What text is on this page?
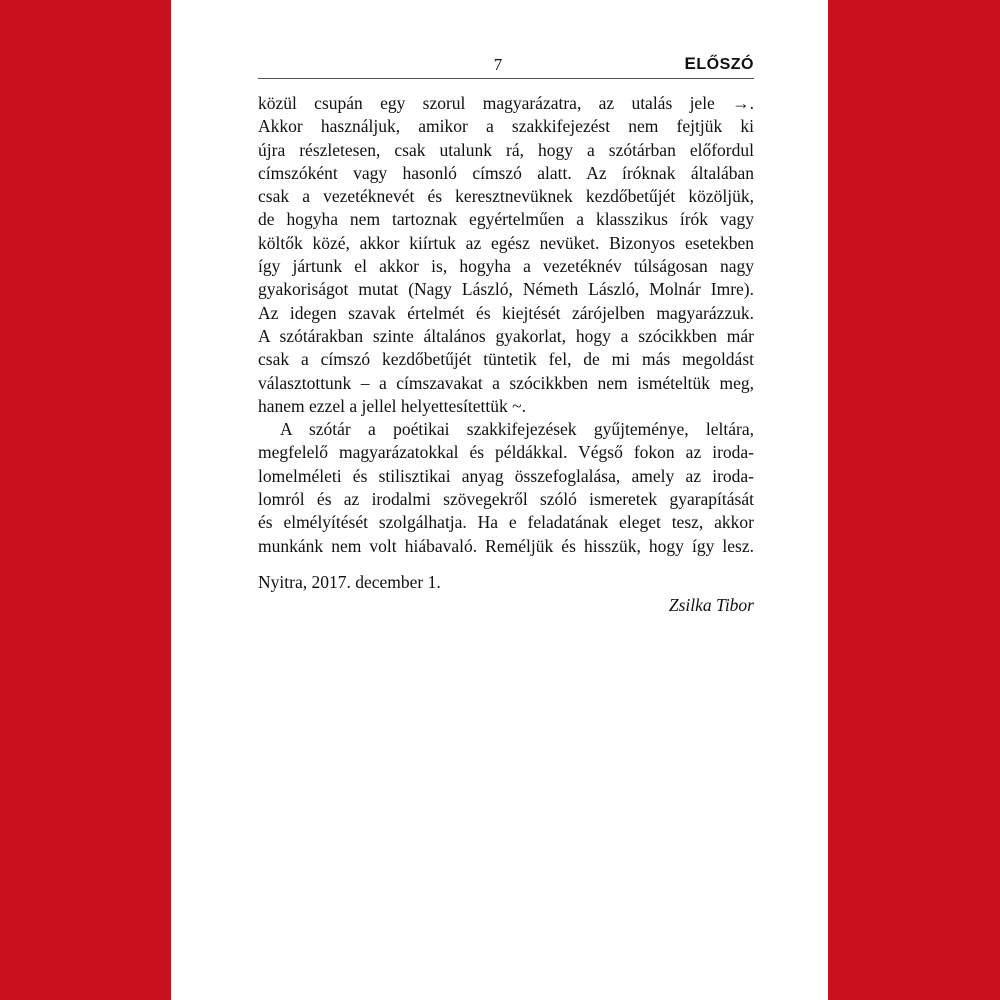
7	ELŐSZÓ

közül csupán egy szorul magyarázatra, az utalás jele →.
Akkor használjuk, amikor a szakkifejezést nem fejtjük ki
újra részletesen, csak utalunk rá, hogy a szótárban előfordul
címszóként vagy hasonló címszó alatt. Az íróknak általában
csak a vezetéknevét és keresztnevüknek kezdőbetűjét közöljük,
de hogyha nem tartoznak egyértelműen a klasszikus írók vagy
költők közé, akkor kiírtuk az egész nevüket. Bizonyos esetekben
így jártunk el akkor is, hogyha a vezetéknév túlságosan nagy
gyakoriságot mutat (Nagy László, Németh László, Molnár Imre).
Az idegen szavak értelmét és kiejtését zárójelben magyarázzuk.
A szótárakban szinte általános gyakorlat, hogy a szócikkben már
csak a címszó kezdőbetűjét tüntetik fel, de mi más megoldást
választottunk – a címszavakat a szócikkben nem ismételtük meg,
hanem ezzel a jellel helyettesítettük ~.

A szótár a poétikai szakkifejezések gyűjteménye, leltára,
megfelelő magyarázatokkal és példákkal. Végső fokon az iroda-
lomelméleti és stilisztikai anyag összefoglalása, amely az iroda-
lomról és az irodalmi szövegekről szóló ismeretek gyarapítását
és elmélyítését szolgálhatja. Ha e feladatának eleget tesz, akkor
munkánk nem volt hiábavaló. Reméljük és hisszük, hogy így lesz.

Nyitra, 2017. december 1.
Zsilka Tibor
